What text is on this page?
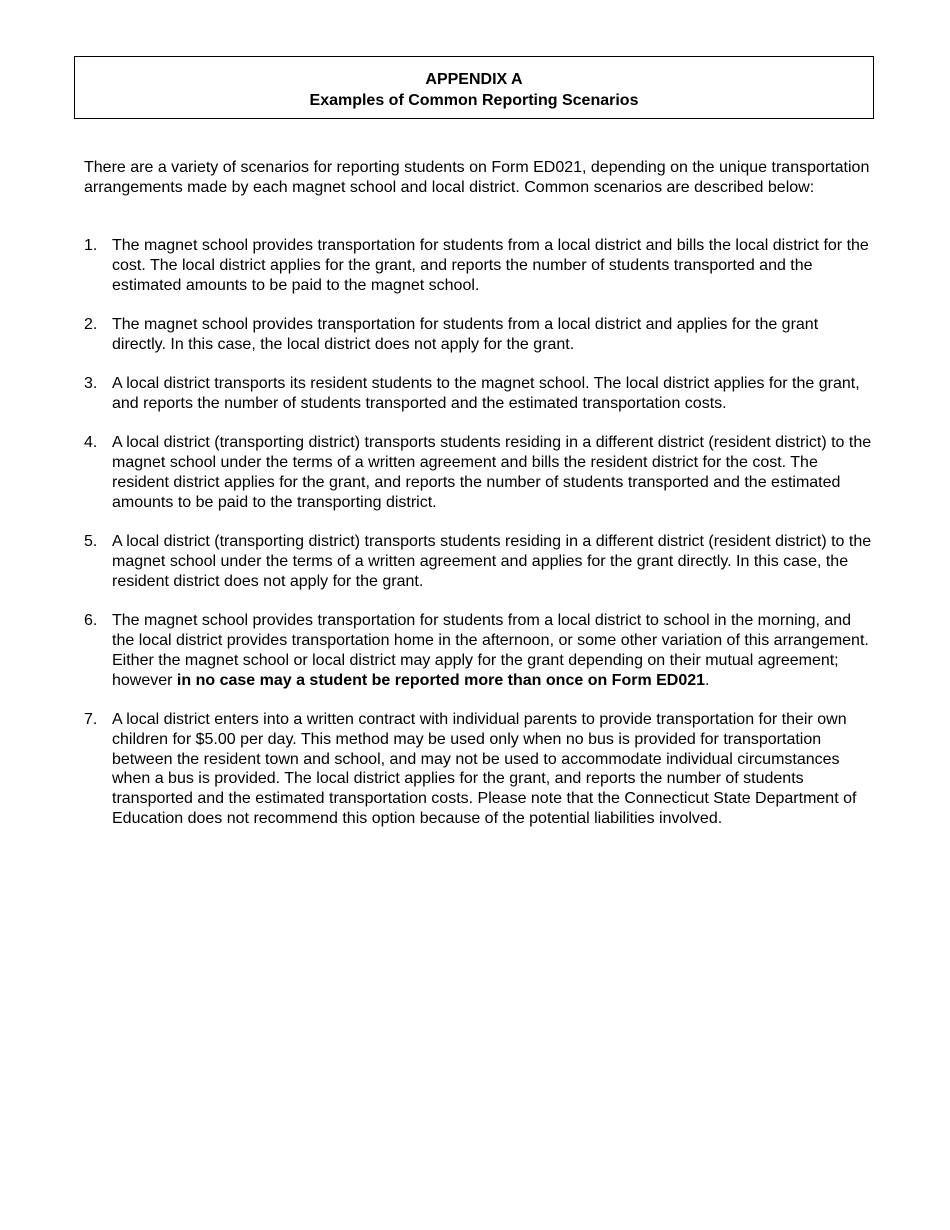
APPENDIX A
Examples of Common Reporting Scenarios

There are a variety of scenarios for reporting students on Form ED021, depending on the unique transportation arrangements made by each magnet school and local district. Common scenarios are described below:

1. The magnet school provides transportation for students from a local district and bills the local district for the cost. The local district applies for the grant, and reports the number of students transported and the estimated amounts to be paid to the magnet school.
2. The magnet school provides transportation for students from a local district and applies for the grant directly. In this case, the local district does not apply for the grant.
3. A local district transports its resident students to the magnet school. The local district applies for the grant, and reports the number of students transported and the estimated transportation costs.
4. A local district (transporting district) transports students residing in a different district (resident district) to the magnet school under the terms of a written agreement and bills the resident district for the cost. The resident district applies for the grant, and reports the number of students transported and the estimated amounts to be paid to the transporting district.
5. A local district (transporting district) transports students residing in a different district (resident district) to the magnet school under the terms of a written agreement and applies for the grant directly. In this case, the resident district does not apply for the grant.
6. The magnet school provides transportation for students from a local district to school in the morning, and the local district provides transportation home in the afternoon, or some other variation of this arrangement. Either the magnet school or local district may apply for the grant depending on their mutual agreement; however in no case may a student be reported more than once on Form ED021.
7. A local district enters into a written contract with individual parents to provide transportation for their own children for $5.00 per day. This method may be used only when no bus is provided for transportation between the resident town and school, and may not be used to accommodate individual circumstances when a bus is provided. The local district applies for the grant, and reports the number of students transported and the estimated transportation costs. Please note that the Connecticut State Department of Education does not recommend this option because of the potential liabilities involved.
